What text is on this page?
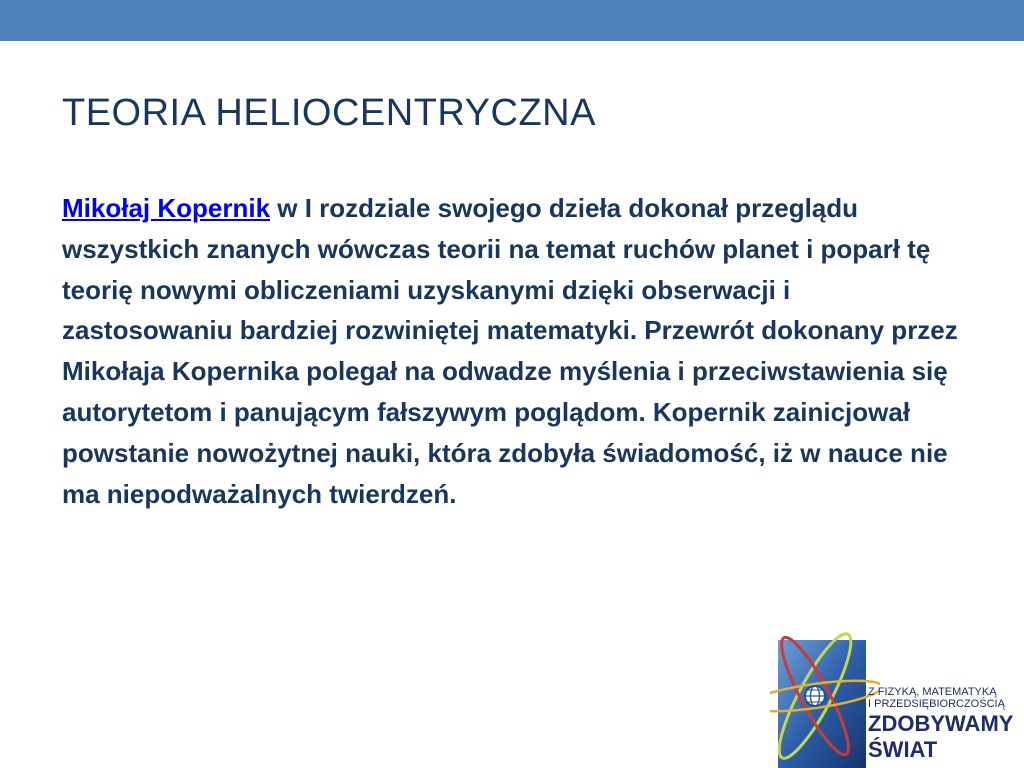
TEORIA HELIOCENTRYCZNA

Mikołaj Kopernik w I rozdziale swojego dzieła dokonał przeglądu wszystkich znanych wówczas teorii na temat ruchów planet i poparł tę teorię nowymi obliczeniami uzyskanymi dzięki obserwacji i zastosowaniu bardziej rozwiniętej matematyki. Przewrót dokonany przez Mikołaja Kopernika polegał na odwadze myślenia i przeciwstawienia się autorytetom i panującym fałszywym poglądom. Kopernik zainicjował powstanie nowożytnej nauki, która zdobyła świadomość, iż w nauce nie ma niepodważalnych twierdzeń.

Z FIZYKĄ, MATEMATYKĄ
I PRZEDSIĘBIORCZOŚCIĄ
ZDOBYWAMY
ŚWIAT
